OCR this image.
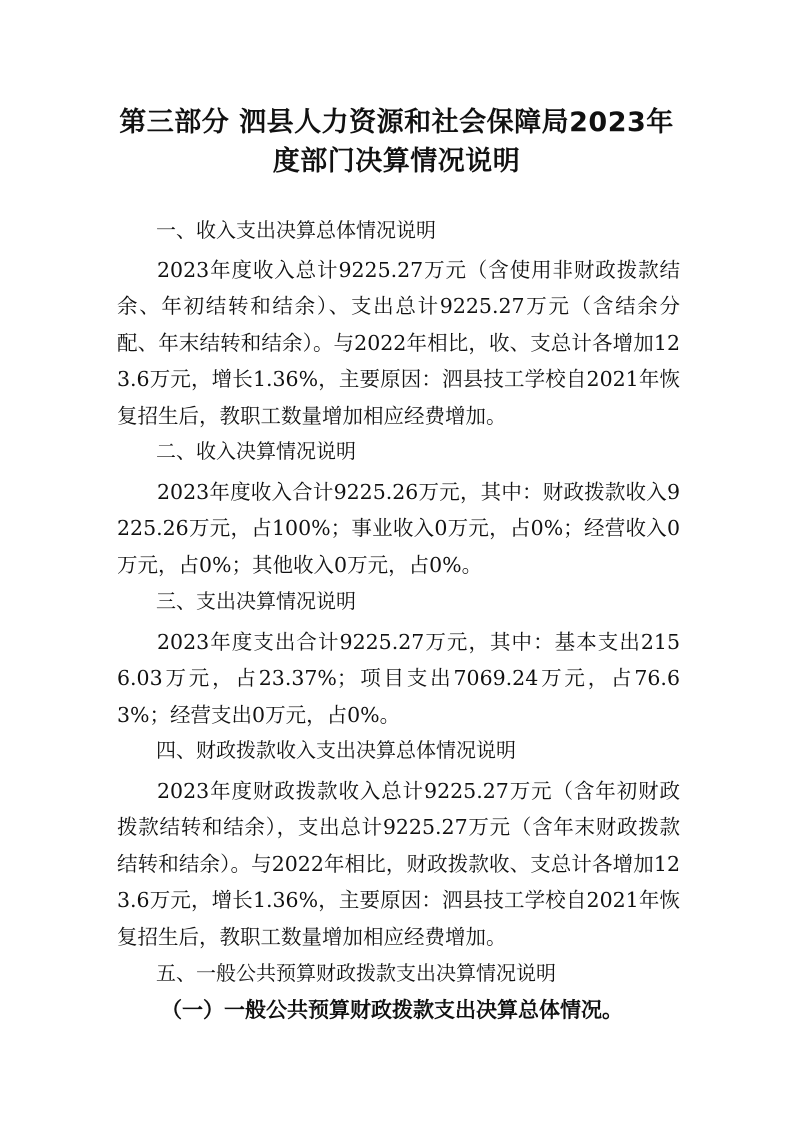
第三部分 泗县人力资源和社会保障局2023年
度部门决算情况说明
一、收入支出决算总体情况说明

2023年度收入总计9225.27万元（含使用非财政拨款结余、年初结转和结余）、支出总计9225.27万元（含结余分配、年末结转和结余）。与2022年相比，收、支总计各增加123.6万元，增长1.36%，主要原因：泗县技工学校自2021年恢复招生后，教职工数量增加相应经费增加。

二、收入决算情况说明

2023年度收入合计9225.26万元，其中：财政拨款收入9225.26万元，占100%；事业收入0万元，占0%；经营收入0万元，占0%；其他收入0万元，占0%。

三、支出决算情况说明

2023年度支出合计9225.27万元，其中：基本支出2156.03万元，占23.37%；项目支出7069.24万元，占76.63%；经营支出0万元，占0%。

四、财政拨款收入支出决算总体情况说明

2023年度财政拨款收入总计9225.27万元（含年初财政拨款结转和结余），支出总计9225.27万元（含年末财政拨款结转和结余）。与2022年相比，财政拨款收、支总计各增加123.6万元，增长1.36%，主要原因：泗县技工学校自2021年恢复招生后，教职工数量增加相应经费增加。

五、一般公共预算财政拨款支出决算情况说明
（一）一般公共预算财政拨款支出决算总体情况。
